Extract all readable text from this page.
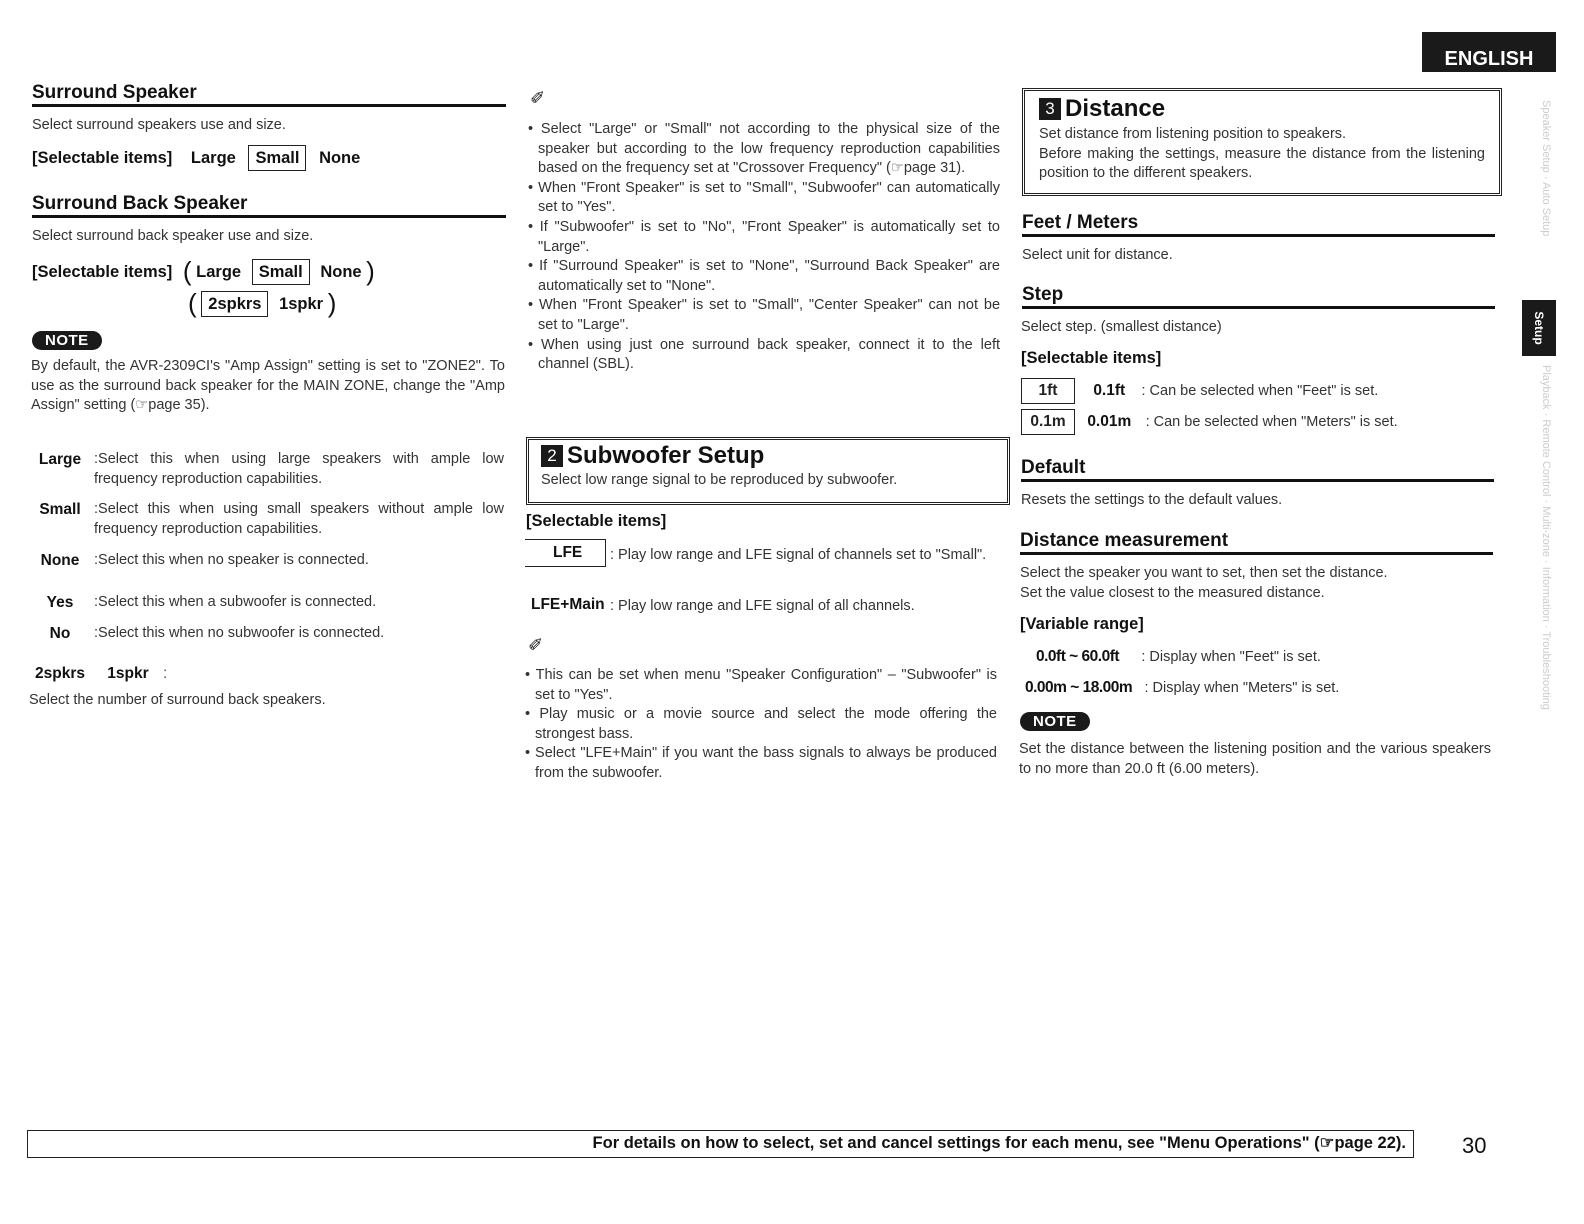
ENGLISH
Setup
Speaker Setup · Auto Setup
Playback · Remote Control · Multi-zone · Information · Troubleshooting
Surround Speaker
Select surround speakers use and size.
[Selectable items] Large Small None
Surround Back Speaker
Select surround back speaker use and size.
[Selectable items] ( Large Small None )
( 2spkrs 1spkr )
NOTE
By default, the AVR-2309CI's "Amp Assign" setting is set to "ZONE2". To use as the surround back speaker for the MAIN ZONE, change the "Amp Assign" setting (☞page 35).
Large :Select this when using large speakers with ample low frequency reproduction capabilities.
Small :Select this when using small speakers without ample low frequency reproduction capabilities.
None	:Select this when no speaker is connected.
Yes	:Select this when a subwoofer is connected.
No	:Select this when no subwoofer is connected.
2spkrs 1spkr :
Select the number of surround back speakers.
✐
• Select "Large" or "Small" not according to the physical size of the speaker but according to the low frequency reproduction capabilities based on the frequency set at "Crossover Frequency" (☞page 31).
• When "Front Speaker" is set to "Small", "Subwoofer" can automatically set to "Yes".
• If "Subwoofer" is set to "No", "Front Speaker" is automatically set to "Large".
• If "Surround Speaker" is set to "None", "Surround Back Speaker" are automatically set to "None".
• When "Front Speaker" is set to "Small", "Center Speaker" can not be set to "Large".
• When using just one surround back speaker, connect it to the left channel (SBL).
2 Subwoofer Setup
Select low range signal to be reproduced by subwoofer.
[Selectable items]
LFE : Play low range and LFE signal of channels set to "Small".
LFE+Main : Play low range and LFE signal of all channels.
✐
• This can be set when menu "Speaker Configuration" – "Subwoofer" is set to "Yes".
• Play music or a movie source and select the mode offering the strongest bass.
• Select "LFE+Main" if you want the bass signals to always be produced from the subwoofer.
3 Distance
Set distance from listening position to speakers.
Before making the settings, measure the distance from the listening position to the different speakers.
Feet / Meters
Select unit for distance.
Step
Select step. (smallest distance)
[Selectable items]
1ft 0.1ft : Can be selected when "Feet" is set.
0.1m 0.01m : Can be selected when "Meters" is set.
Default
Resets the settings to the default values.
Distance measurement
Select the speaker you want to set, then set the distance.
Set the value closest to the measured distance.
[Variable range]
0.0ft ~ 60.0ft : Display when "Feet" is set.
0.00m ~ 18.00m : Display when "Meters" is set.
NOTE
Set the distance between the listening position and the various speakers to no more than 20.0 ft (6.00 meters).
For details on how to select, set and cancel settings for each menu, see "Menu Operations" (☞page 22).	30
